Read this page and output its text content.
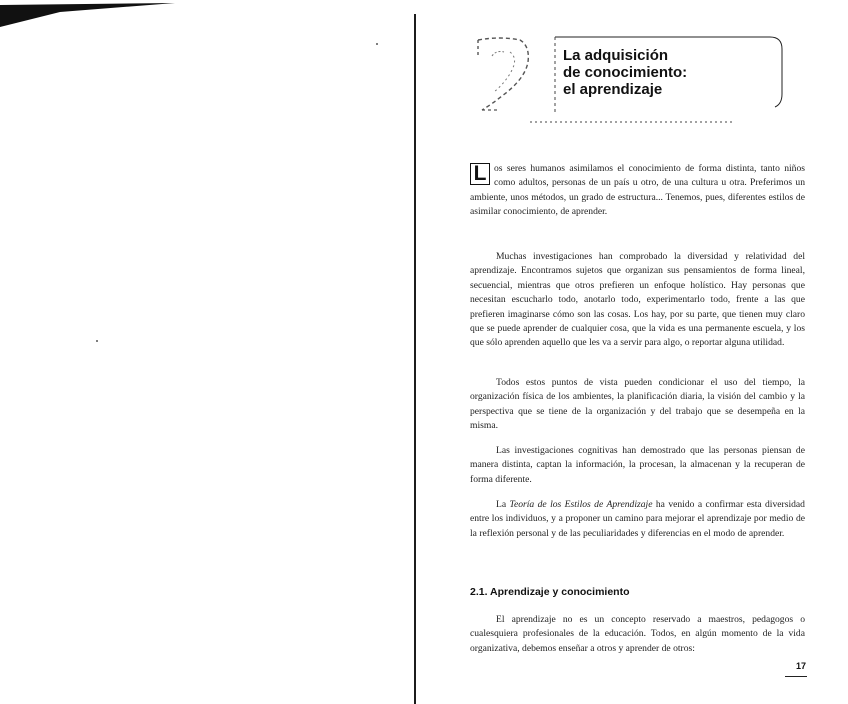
La adquisición
de conocimiento:
el aprendizaje

L os seres humanos asimilamos el conocimiento de forma distinta, tanto niños como adultos, personas de un país u otro, de una cultura u otra. Preferimos un ambiente, unos métodos, un grado de estructura... Tenemos, pues, diferentes estilos de asimilar conocimiento, de aprender.

Muchas investigaciones han comprobado la diversidad y relatividad del aprendizaje. Encontramos sujetos que organizan sus pensamientos de forma lineal, secuencial, mientras que otros prefieren un enfoque holístico. Hay personas que necesitan escucharlo todo, anotarlo todo, experimentarlo todo, frente a las que prefieren imaginarse cómo son las cosas. Los hay, por su parte, que tienen muy claro que se puede aprender de cualquier cosa, que la vida es una permanente escuela, y los que sólo aprenden aquello que les va a servir para algo, o reportar alguna utilidad.

Todos estos puntos de vista pueden condicionar el uso del tiempo, la organización física de los ambientes, la planificación diaria, la visión del cambio y la perspectiva que se tiene de la organización y del trabajo que se desempeña en la misma.

Las investigaciones cognitivas han demostrado que las personas piensan de manera distinta, captan la información, la procesan, la almacenan y la recuperan de forma diferente.

La Teoría de los Estilos de Aprendizaje ha venido a confirmar esta diversidad entre los individuos, y a proponer un camino para mejorar el aprendizaje por medio de la reflexión personal y de las peculiaridades y diferencias en el modo de aprender.

2.1. Aprendizaje y conocimiento

El aprendizaje no es un concepto reservado a maestros, pedagogos o cualesquiera profesionales de la educación. Todos, en algún momento de la vida organizativa, debemos enseñar a otros y aprender de otros:

17
